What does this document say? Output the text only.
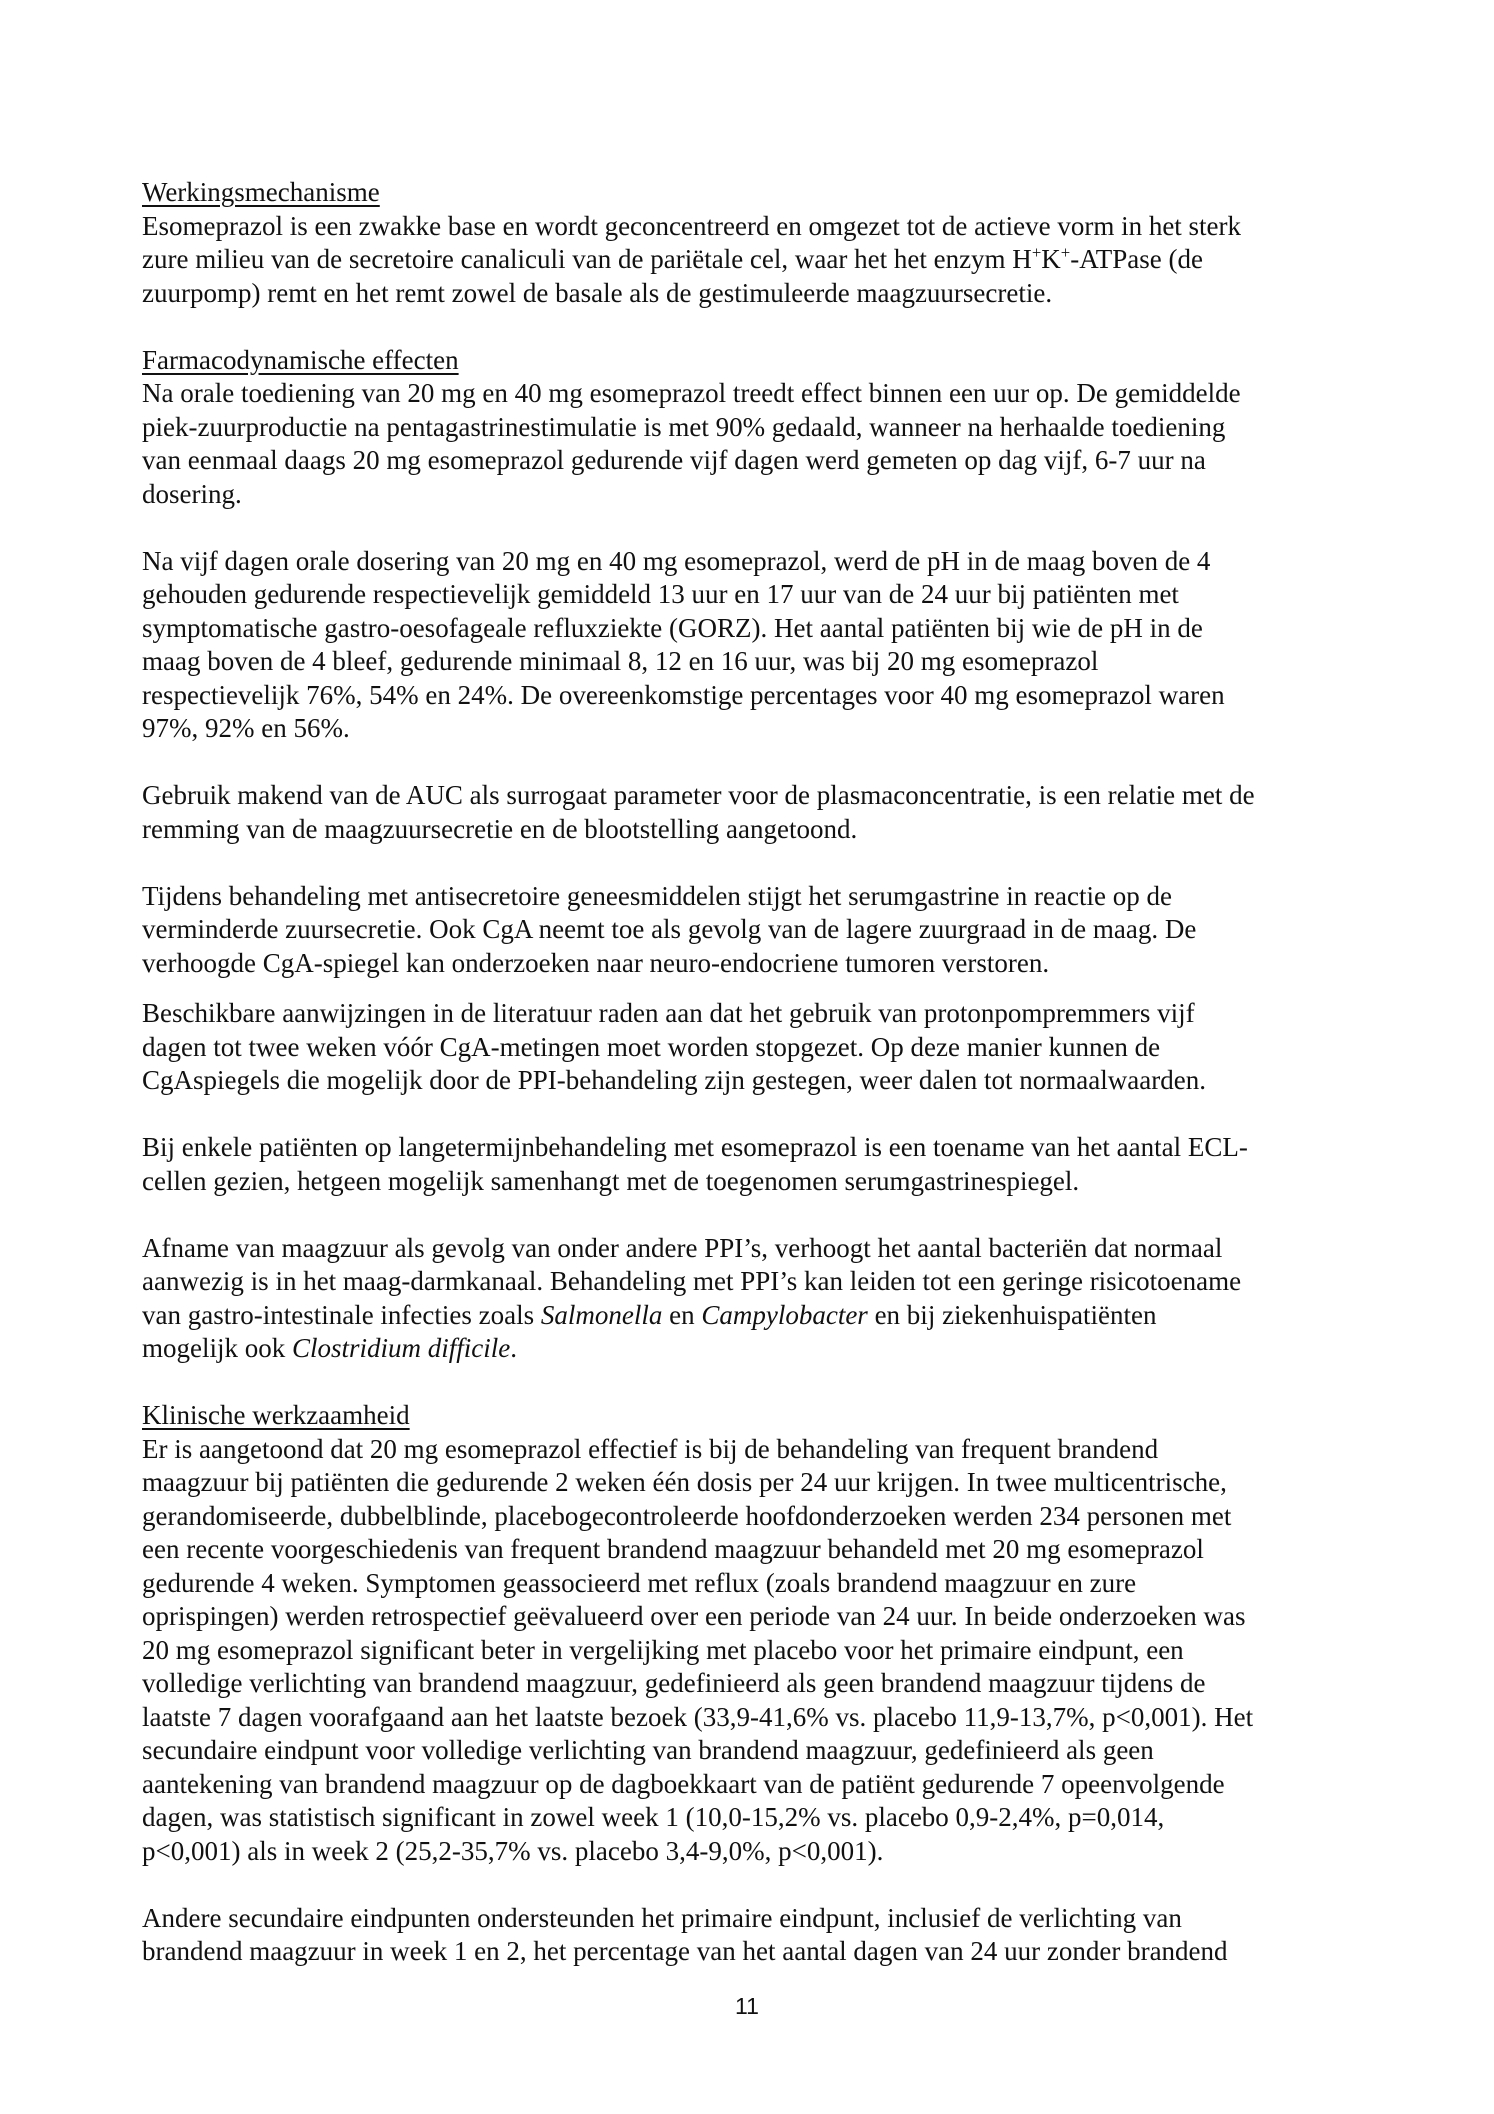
Werkingsmechanisme
Esomeprazol is een zwakke base en wordt geconcentreerd en omgezet tot de actieve vorm in het sterk
zure milieu van de secretoire canaliculi van de pariëtale cel, waar het het enzym H+K+-ATPase (de
zuurpomp) remt en het remt zowel de basale als de gestimuleerde maagzuursecretie.
Farmacodynamische effecten
Na orale toediening van 20 mg en 40 mg esomeprazol treedt effect binnen een uur op. De gemiddelde
piek-zuurproductie na pentagastrinestimulatie is met 90% gedaald, wanneer na herhaalde toediening
van eenmaal daags 20 mg esomeprazol gedurende vijf dagen werd gemeten op dag vijf, 6-7 uur na
dosering.
Na vijf dagen orale dosering van 20 mg en 40 mg esomeprazol, werd de pH in de maag boven de 4
gehouden gedurende respectievelijk gemiddeld 13 uur en 17 uur van de 24 uur bij patiënten met
symptomatische gastro-oesofageale refluxziekte (GORZ). Het aantal patiënten bij wie de pH in de
maag boven de 4 bleef, gedurende minimaal 8, 12 en 16 uur, was bij 20 mg esomeprazol
respectievelijk 76%, 54% en 24%. De overeenkomstige percentages voor 40 mg esomeprazol waren
97%, 92% en 56%.
Gebruik makend van de AUC als surrogaat parameter voor de plasmaconcentratie, is een relatie met de
remming van de maagzuursecretie en de blootstelling aangetoond.
Tijdens behandeling met antisecretoire geneesmiddelen stijgt het serumgastrine in reactie op de
verminderde zuursecretie. Ook CgA neemt toe als gevolg van de lagere zuurgraad in de maag. De
verhoogde CgA-spiegel kan onderzoeken naar neuro-endocriene tumoren verstoren.
Beschikbare aanwijzingen in de literatuur raden aan dat het gebruik van protonpompremmers vijf
dagen tot twee weken vóór CgA-metingen moet worden stopgezet. Op deze manier kunnen de
CgAspiegels die mogelijk door de PPI-behandeling zijn gestegen, weer dalen tot normaalwaarden.
Bij enkele patiënten op langetermijnbehandeling met esomeprazol is een toename van het aantal ECL-
cellen gezien, hetgeen mogelijk samenhangt met de toegenomen serumgastrinespiegel.
Afname van maagzuur als gevolg van onder andere PPI’s, verhoogt het aantal bacteriën dat normaal
aanwezig is in het maag-darmkanaal. Behandeling met PPI’s kan leiden tot een geringe risicotoename
van gastro-intestinale infecties zoals Salmonella en Campylobacter en bij ziekenhuispatiënten
mogelijk ook Clostridium difficile.
Klinische werkzaamheid
Er is aangetoond dat 20 mg esomeprazol effectief is bij de behandeling van frequent brandend
maagzuur bij patiënten die gedurende 2 weken één dosis per 24 uur krijgen. In twee multicentrische,
gerandomiseerde, dubbelblinde, placebogecontroleerde hoofdonderzoeken werden 234 personen met
een recente voorgeschiedenis van frequent brandend maagzuur behandeld met 20 mg esomeprazol
gedurende 4 weken. Symptomen geassocieerd met reflux (zoals brandend maagzuur en zure
oprispingen) werden retrospectief geëvalueerd over een periode van 24 uur. In beide onderzoeken was
20 mg esomeprazol significant beter in vergelijking met placebo voor het primaire eindpunt, een
volledige verlichting van brandend maagzuur, gedefinieerd als geen brandend maagzuur tijdens de
laatste 7 dagen voorafgaand aan het laatste bezoek (33,9-41,6% vs. placebo 11,9-13,7%, p<0,001). Het
secundaire eindpunt voor volledige verlichting van brandend maagzuur, gedefinieerd als geen
aantekening van brandend maagzuur op de dagboekkaart van de patiënt gedurende 7 opeenvolgende
dagen, was statistisch significant in zowel week 1 (10,0-15,2% vs. placebo 0,9-2,4%, p=0,014,
p<0,001) als in week 2 (25,2-35,7% vs. placebo 3,4-9,0%, p<0,001).
Andere secundaire eindpunten ondersteunden het primaire eindpunt, inclusief de verlichting van
brandend maagzuur in week 1 en 2, het percentage van het aantal dagen van 24 uur zonder brandend
11
